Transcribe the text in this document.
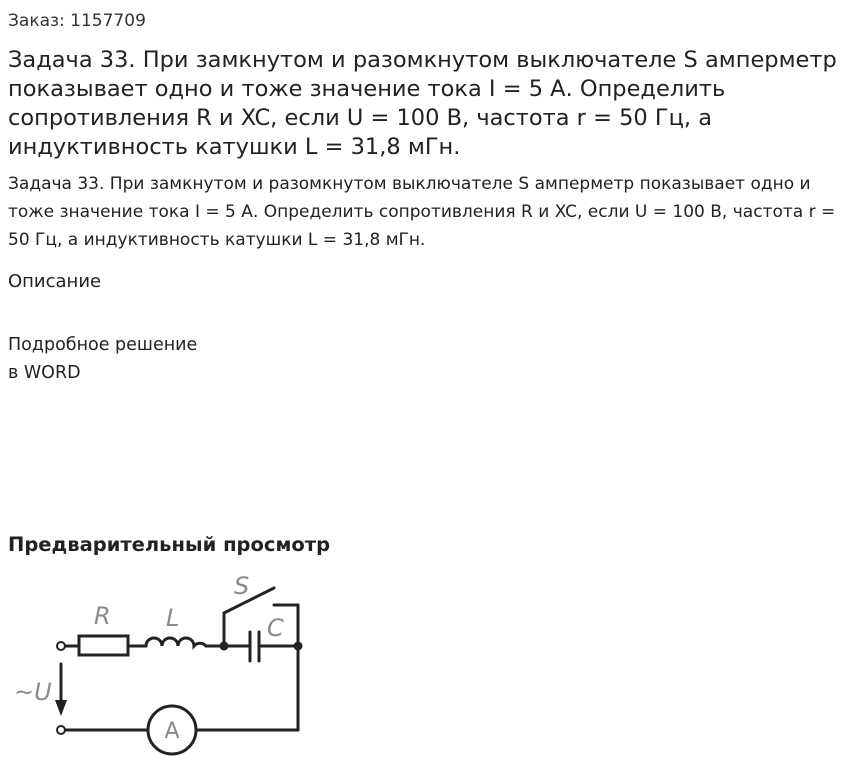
Заказ: 1157709

Задача 33. При замкнутом и разомкнутом выключателе S амперметр показывает одно и тоже значение тока I = 5 А. Определить сопротивления R и XC, если U = 100 В, частота r = 50 Гц, а индуктивность катушки L = 31,8 мГн.

Задача 33. При замкнутом и разомкнутом выключателе S амперметр показывает одно и тоже значение тока I = 5 А. Определить сопротивления R и XC, если U = 100 В, частота r = 50 Гц, а индуктивность катушки L = 31,8 мГн.

Описание

Подробное решение
в WORD

Предварительный просмотр
S
R L	C
~U
A
